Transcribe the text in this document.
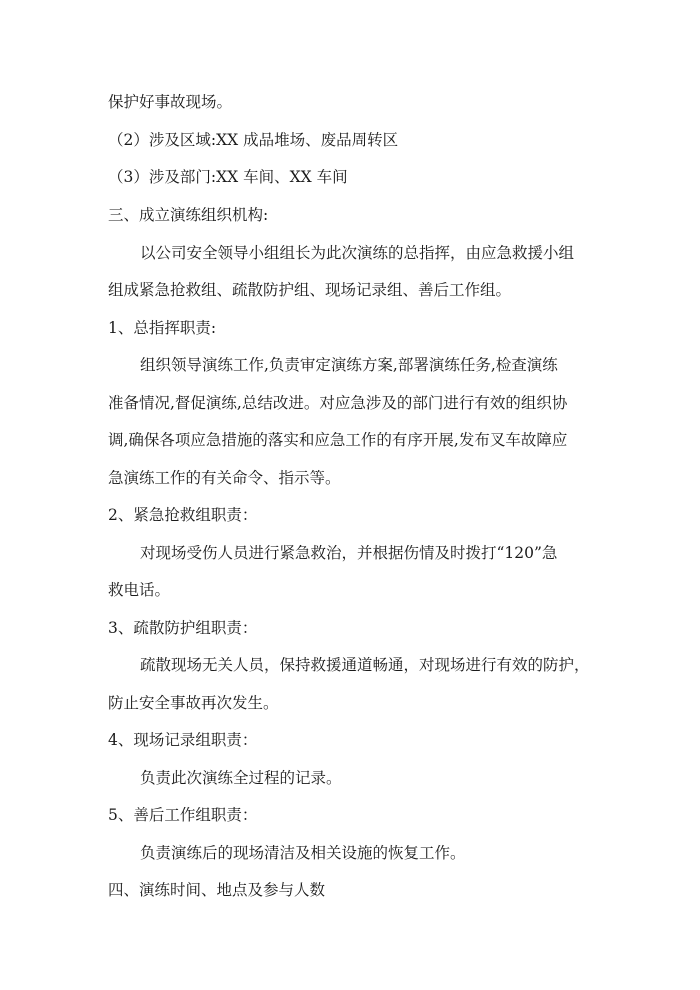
保护好事故现场。
（2）涉及区域:XX 成品堆场、废品周转区
（3）涉及部门:XX 车间、XX 车间
三、成立演练组织机构:
以公司安全领导小组组长为此次演练的总指挥，由应急救援小组
组成紧急抢救组、疏散防护组、现场记录组、善后工作组。
1、总指挥职责:
组织领导演练工作,负责审定演练方案,部署演练任务,检查演练
准备情况,督促演练,总结改进。对应急涉及的部门进行有效的组织协
调,确保各项应急措施的落实和应急工作的有序开展,发布叉车故障应
急演练工作的有关命令、指示等。
2、紧急抢救组职责：
对现场受伤人员进行紧急救治，并根据伤情及时拨打“120”急
救电话。
3、疏散防护组职责：
疏散现场无关人员，保持救援通道畅通，对现场进行有效的防护，
防止安全事故再次发生。
4、现场记录组职责：
负责此次演练全过程的记录。
5、善后工作组职责：
负责演练后的现场清洁及相关设施的恢复工作。
四、演练时间、地点及参与人数
